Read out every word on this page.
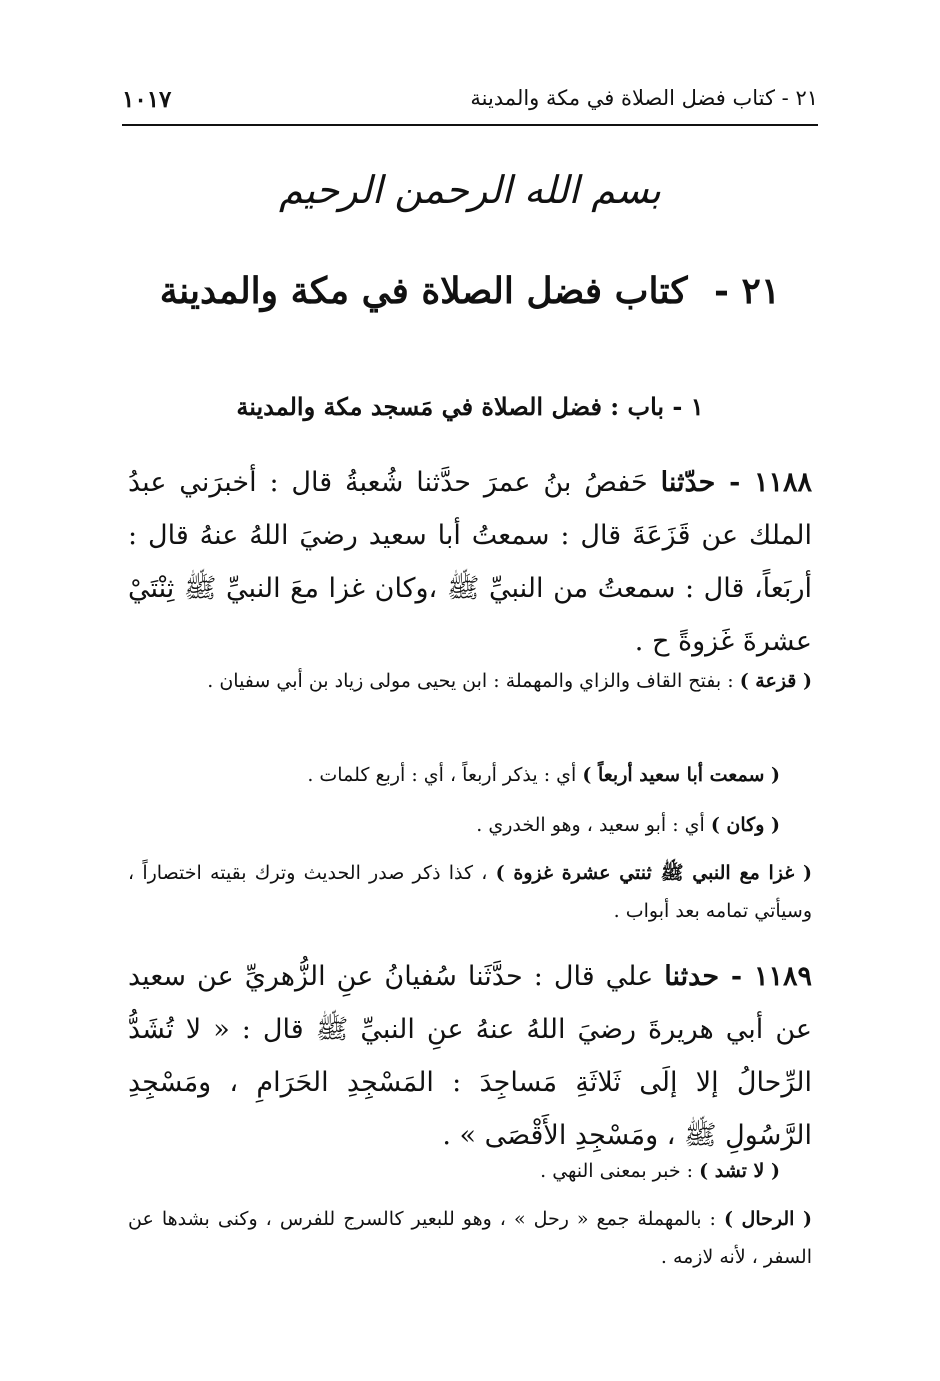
٢١ - كتاب فضل الصلاة في مكة والمدينة
١٠١٧
بسم الله الرحمن الرحيم
٢١ - كتاب فضل الصلاة في مكة والمدينة
١ - باب : فضل الصلاة في مَسجد مكة والمدينة

١١٨٨ - حدّثنا حَفصُ بنُ عمرَ حدَّثنا شُعبةُ قال : أخبرَني عبدُ الملك عن قَزَعَةَ قال : سمعتُ أبا سعيد رضيَ اللهُ عنهُ قال : أربَعاً، قال : سمعتُ من النبيِّ ﷺ ،وكان غزا معَ النبيِّ ﷺ ثِنْتَيْ عشرةَ غَزوةً ح .

( قزعة ) : بفتح القاف والزاي والمهملة : ابن يحيى مولى زياد بن أبي سفيان .

( سمعت أبا سعيد أربعاً ) أي : يذكر أربعاً ، أي : أربع كلمات .

( وكان ) أي : أبو سعيد ، وهو الخدري .

( غزا مع النبي ﷺ ثنتي عشرة غزوة ) ، كذا ذكر صدر الحديث وترك بقيته اختصاراً ، وسيأتي تمامه بعد أبواب .

١١٨٩ - حدثنا علي قال : حدَّثَنا سُفيانُ عنِ الزُّهريِّ عن سعيد عن أبي هريرةَ رضيَ اللهُ عنهُ عنِ النبيِّ ﷺ قال : « لا تُشَدُّ الرِّحالُ إلا إلَى ثَلاثَةِ مَساجِدَ : المَسْجِدِ الحَرَامِ ، ومَسْجِدِ الرَّسُولِ ﷺ ، ومَسْجِدِ الأَقْصَى » .

( لا تشد ) : خبر بمعنى النهي .

( الرحال ) : بالمهملة جمع « رحل » ، وهو للبعير كالسرج للفرس ، وكنى بشدها عن السفر ، لأنه لازمه .
